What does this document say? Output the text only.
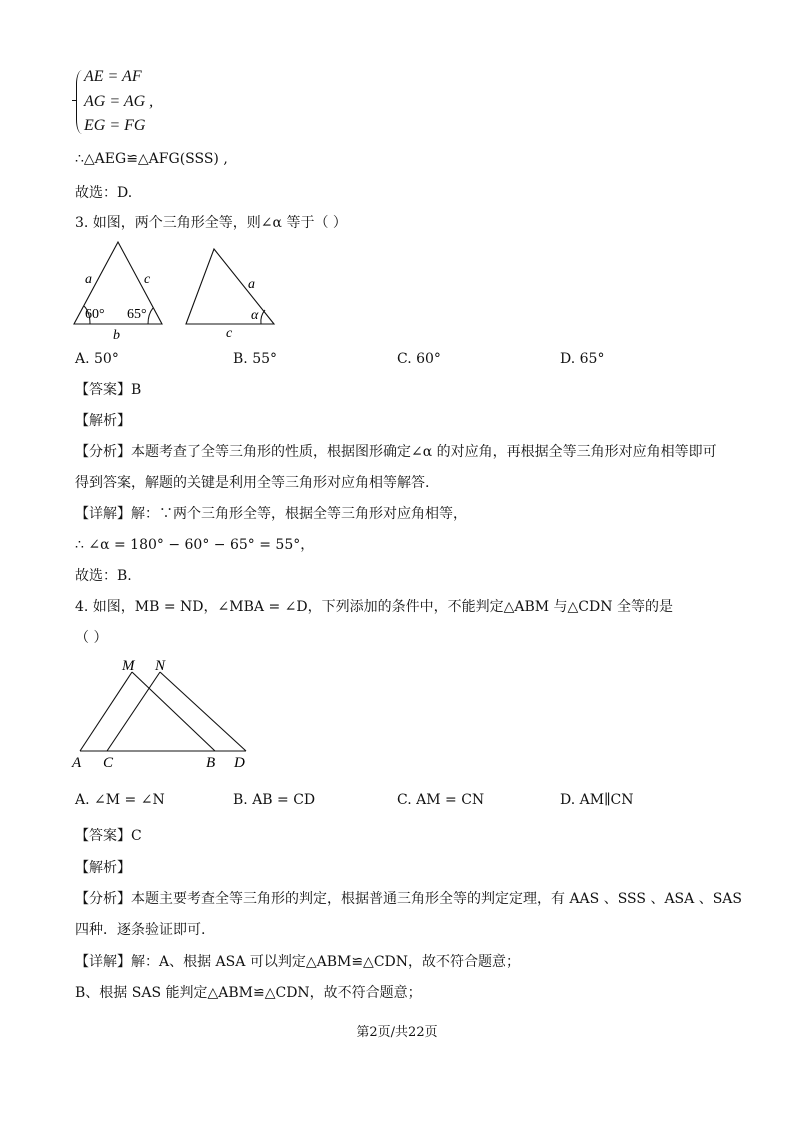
AE = AF
AG = AG ,
EG = FG
∴△AEG≌△AFG(SSS) ,
故选：D.
3. 如图，两个三角形全等，则∠α 等于（ ）
a	c
60° 65°
b
a
c
α
A. 50°	B. 55°	C. 60°	D. 65°
【答案】B
【解析】
【分析】本题考查了全等三角形的性质，根据图形确定∠α 的对应角，再根据全等三角形对应角相等即可
得到答案，解题的关键是利用全等三角形对应角相等解答.
【详解】解：∵两个三角形全等，根据全等三角形对应角相等，
∴ ∠α = 180° − 60° − 65° = 55°，
故选：B.
4. 如图，MB = ND，∠MBA = ∠D，下列添加的条件中，不能判定△ABM 与△CDN 全等的是
（ ）
M N
A C	B D
A. ∠M = ∠N	B. AB = CD	C. AM = CN	D. AM∥CN
【答案】C
【解析】
【分析】本题主要考查全等三角形的判定，根据普通三角形全等的判定定理，有 AAS 、SSS 、ASA 、SAS
四种．逐条验证即可.
【详解】解：A、根据 ASA 可以判定△ABM≌△CDN，故不符合题意；
B、根据 SAS 能判定△ABM≌△CDN，故不符合题意；
第2页/共22页
